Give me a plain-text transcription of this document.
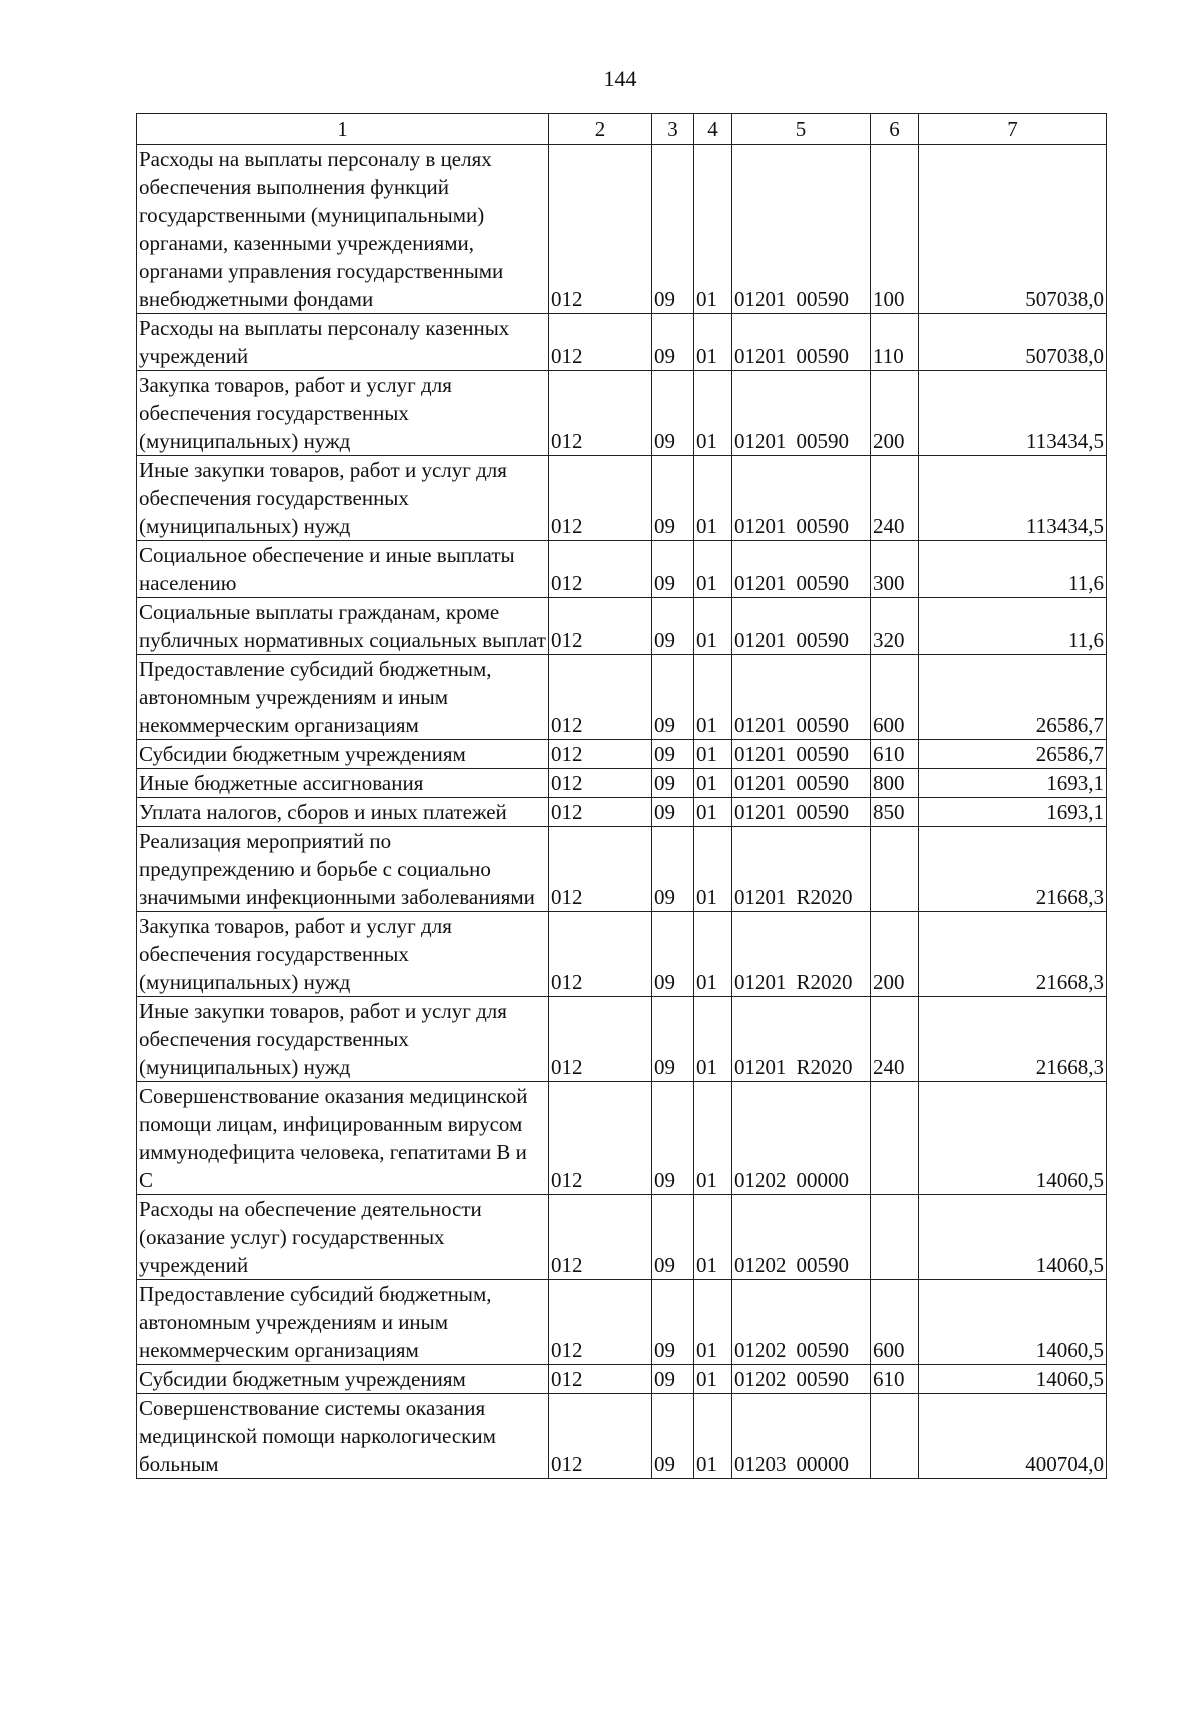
144
1	2	3	4	5	6	7
Расходы на выплаты персоналу в целях обеспечения выполнения функций государственными (муниципальными) органами, казенными учреждениями, органами управления государственными внебюджетными фондами	012	09	01	01201 00590	100	507038,0
Расходы на выплаты персоналу казенных учреждений	012	09	01	01201 00590	110	507038,0
Закупка товаров, работ и услуг для обеспечения государственных (муниципальных) нужд	012	09	01	01201 00590	200	113434,5
Иные закупки товаров, работ и услуг для обеспечения государственных (муниципальных) нужд	012	09	01	01201 00590	240	113434,5
Социальное обеспечение и иные выплаты населению	012	09	01	01201 00590	300	11,6
Социальные выплаты гражданам, кроме публичных нормативных социальных выплат	012	09	01	01201 00590	320	11,6
Предоставление субсидий бюджетным, автономным учреждениям и иным некоммерческим организациям	012	09	01	01201 00590	600	26586,7
Субсидии бюджетным учреждениям	012	09	01	01201 00590	610	26586,7
Иные бюджетные ассигнования	012	09	01	01201 00590	800	1693,1
Уплата налогов, сборов и иных платежей	012	09	01	01201 00590	850	1693,1
Реализация мероприятий по предупреждению и борьбе с социально значимыми инфекционными заболеваниями	012	09	01	01201 R2020		21668,3
Закупка товаров, работ и услуг для обеспечения государственных (муниципальных) нужд	012	09	01	01201 R2020	200	21668,3
Иные закупки товаров, работ и услуг для обеспечения государственных (муниципальных) нужд	012	09	01	01201 R2020	240	21668,3
Совершенствование оказания медицинской помощи лицам, инфицированным вирусом иммунодефицита человека, гепатитами B и C	012	09	01	01202 00000		14060,5
Расходы на обеспечение деятельности (оказание услуг) государственных учреждений	012	09	01	01202 00590		14060,5
Предоставление субсидий бюджетным, автономным учреждениям и иным некоммерческим организациям	012	09	01	01202 00590	600	14060,5
Субсидии бюджетным учреждениям	012	09	01	01202 00590	610	14060,5
Совершенствование системы оказания медицинской помощи наркологическим больным	012	09	01	01203 00000		400704,0
